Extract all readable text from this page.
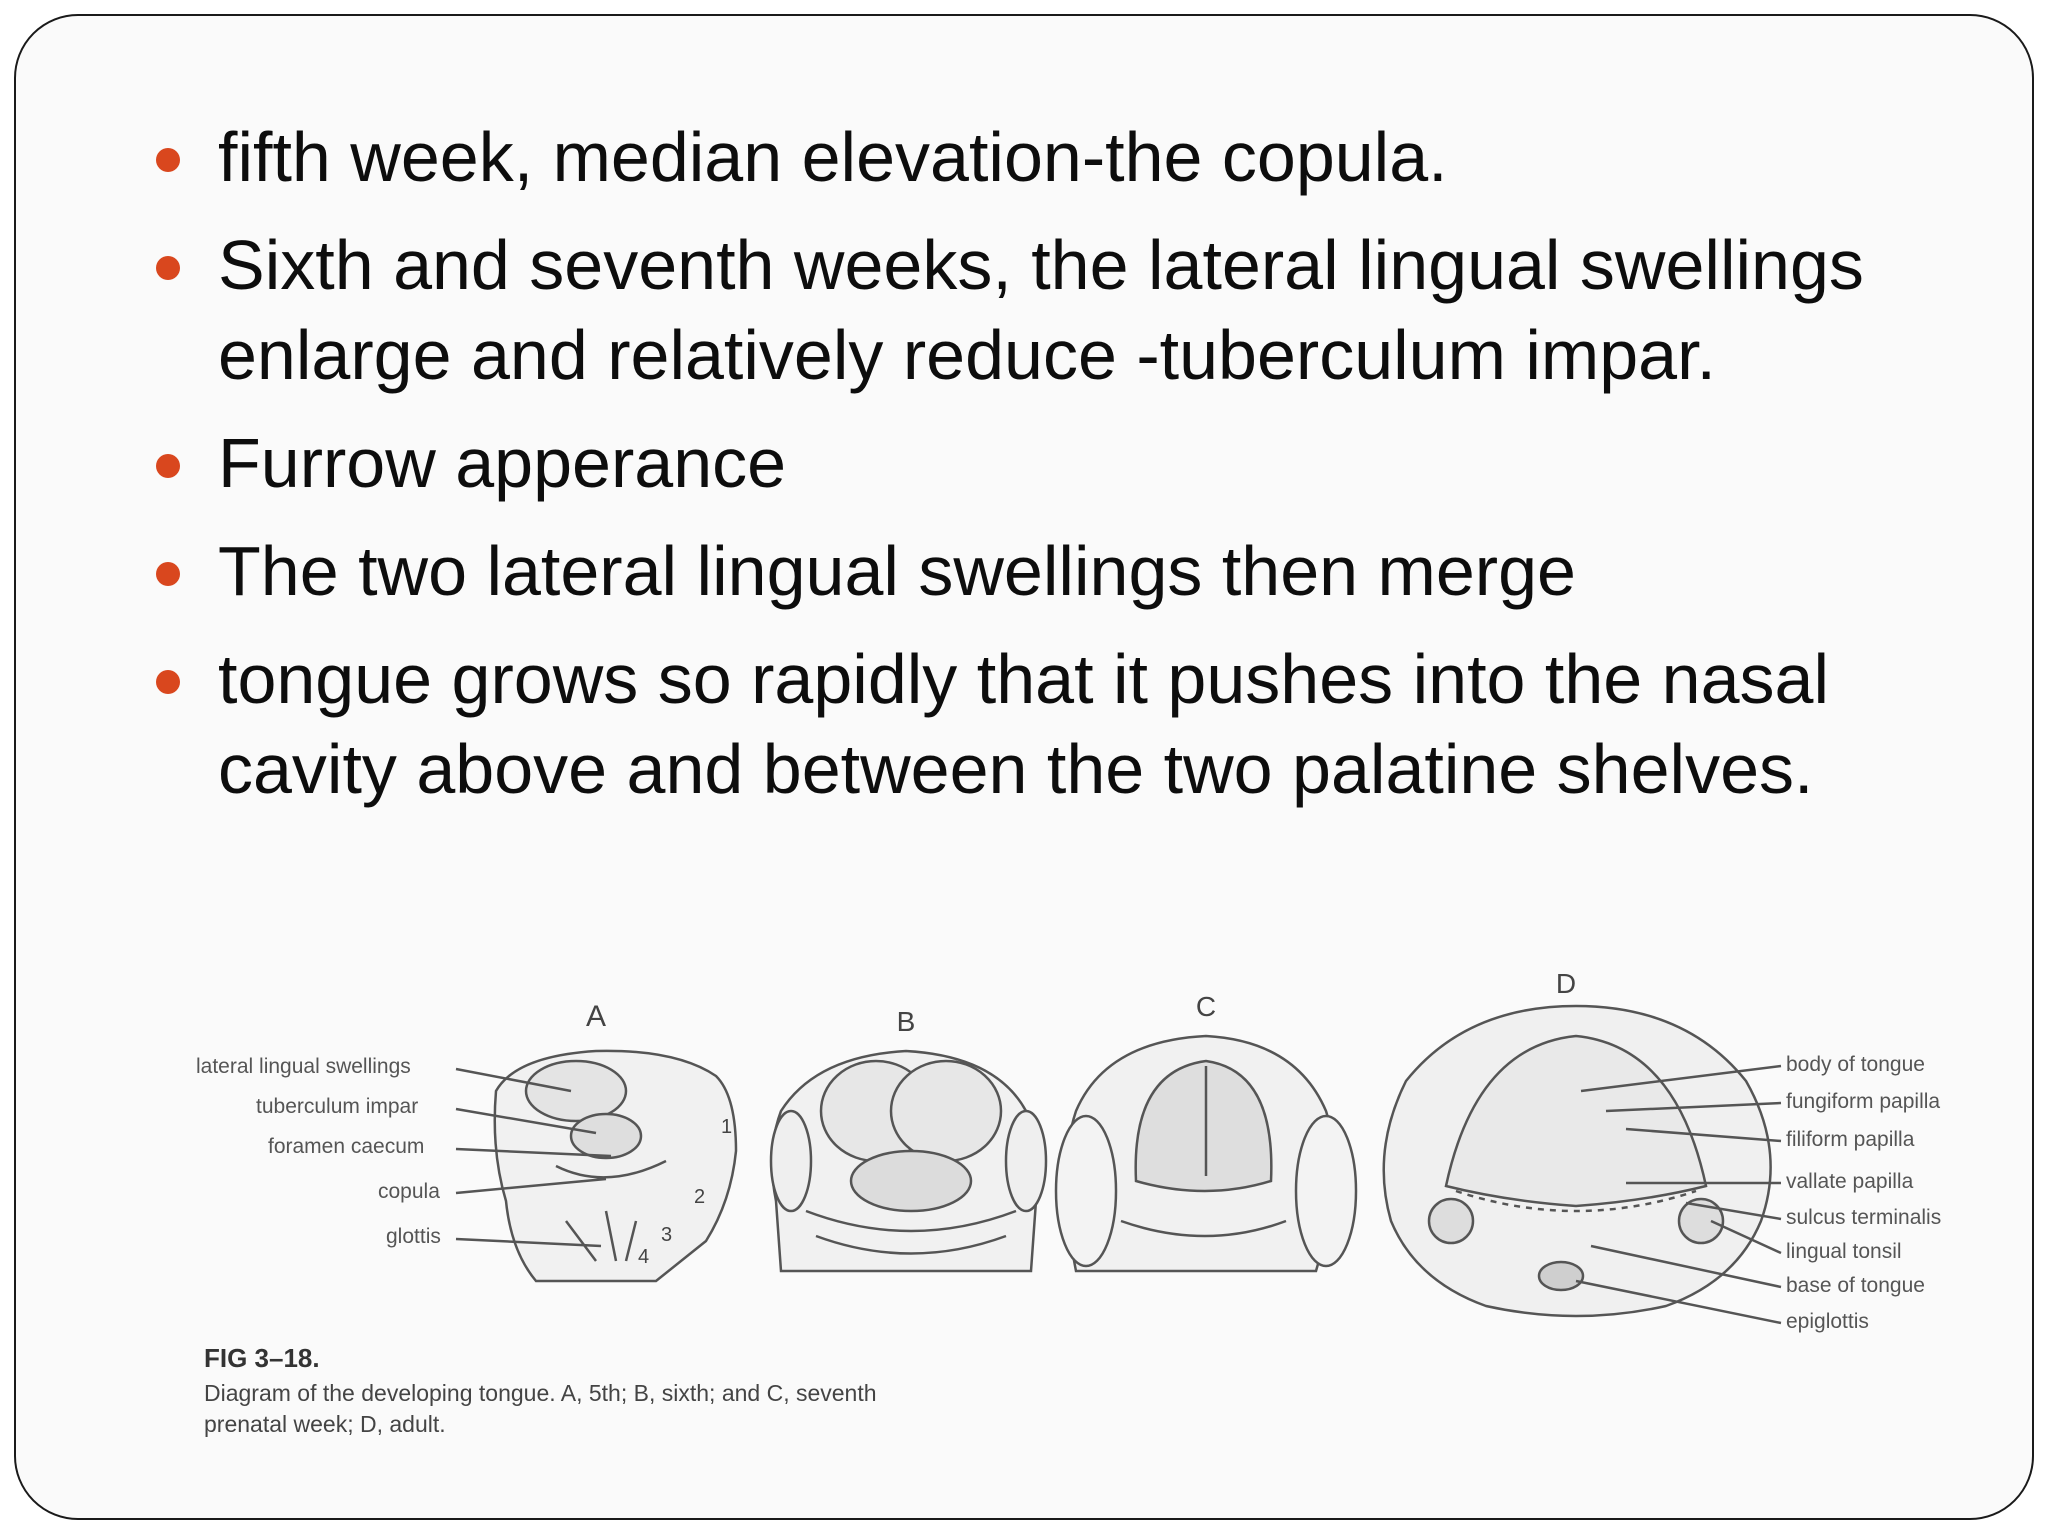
fifth week, median elevation-the copula.
Sixth and seventh weeks, the lateral lingual swellings enlarge and relatively reduce -tuberculum impar.
Furrow apperance
The two lateral lingual swellings then merge
tongue grows so rapidly that it pushes into the nasal cavity above and between the two palatine shelves.
A	B	C
D
1
2
3
4
lateral lingual swellings
tuberculum impar
foramen caecum
copula
glottis
body of tongue
fungiform papilla
filiform papilla
vallate papilla
sulcus terminalis
lingual tonsil
base of tongue
epiglottis
FIG 3–18.
Diagram of the developing tongue. A, 5th; B, sixth; and C, seventh
prenatal week; D, adult.
